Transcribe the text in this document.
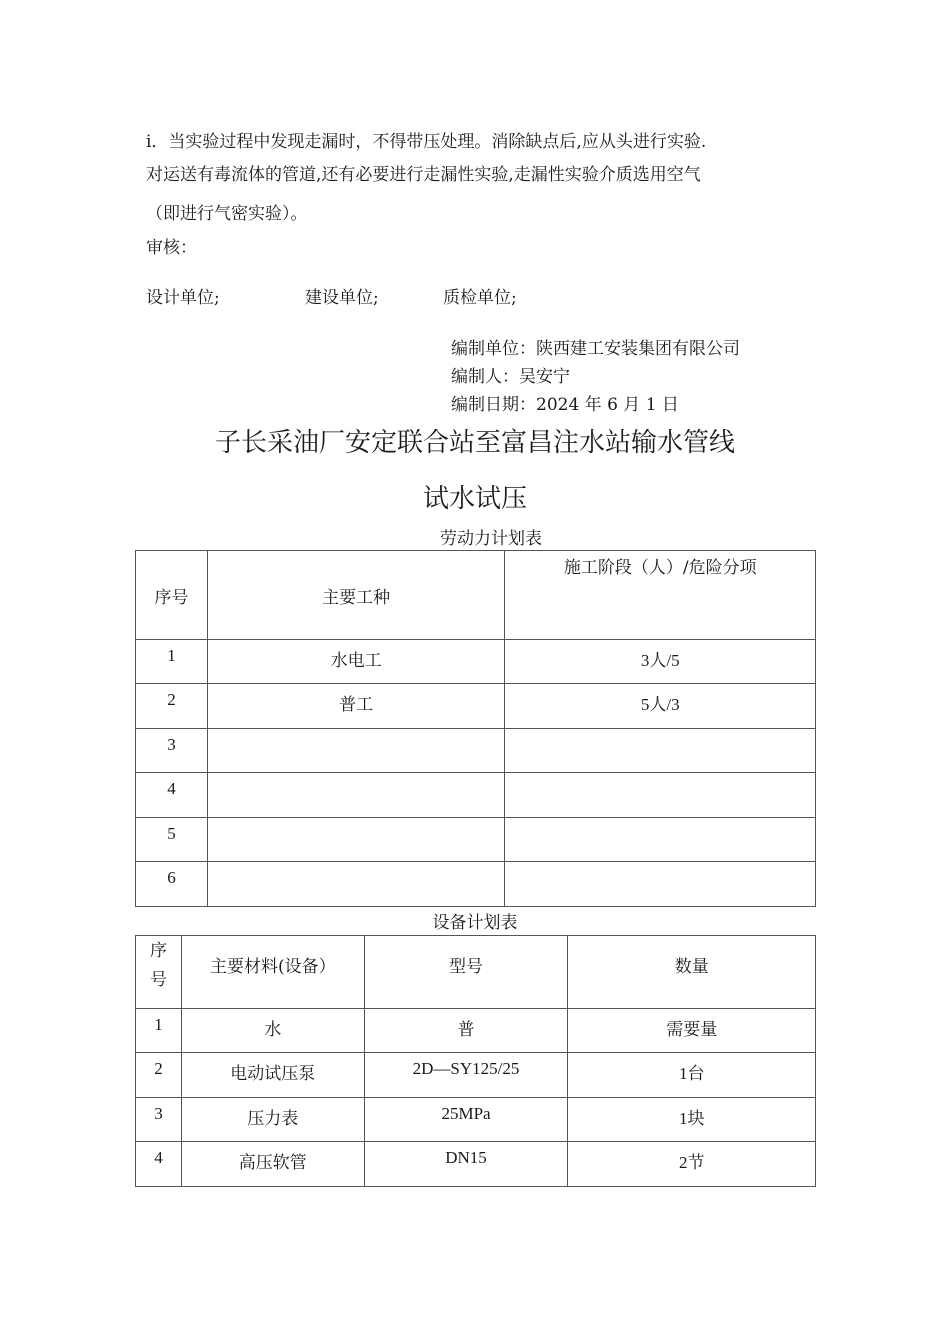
i．当实验过程中发现走漏时，不得带压处理。消除缺点后,应从头进行实验.
对运送有毒流体的管道,还有必要进行走漏性实验,走漏性实验介质选用空气
（即进行气密实验）。
审核：
设计单位;	建设单位;	质检单位;
编制单位：陕西建工安装集团有限公司
编制人：吴安宁
编制日期：2024 年 6 月 1 日
子长采油厂安定联合站至富昌注水站输水管线
试水试压
劳动力计划表
序号	主要工种	施工阶段（人）/危险分项

1	水电工	3人/5

2	普工	5人/3

3		

4		

5		

6		

设备计划表
序
号	主要材料(设备）	型号	数量

1	水	普	需要量

2	电动试压泵	2D—SY125/25	1台

3	压力表	25MPa	1块

4	高压软管	DN15	2节
